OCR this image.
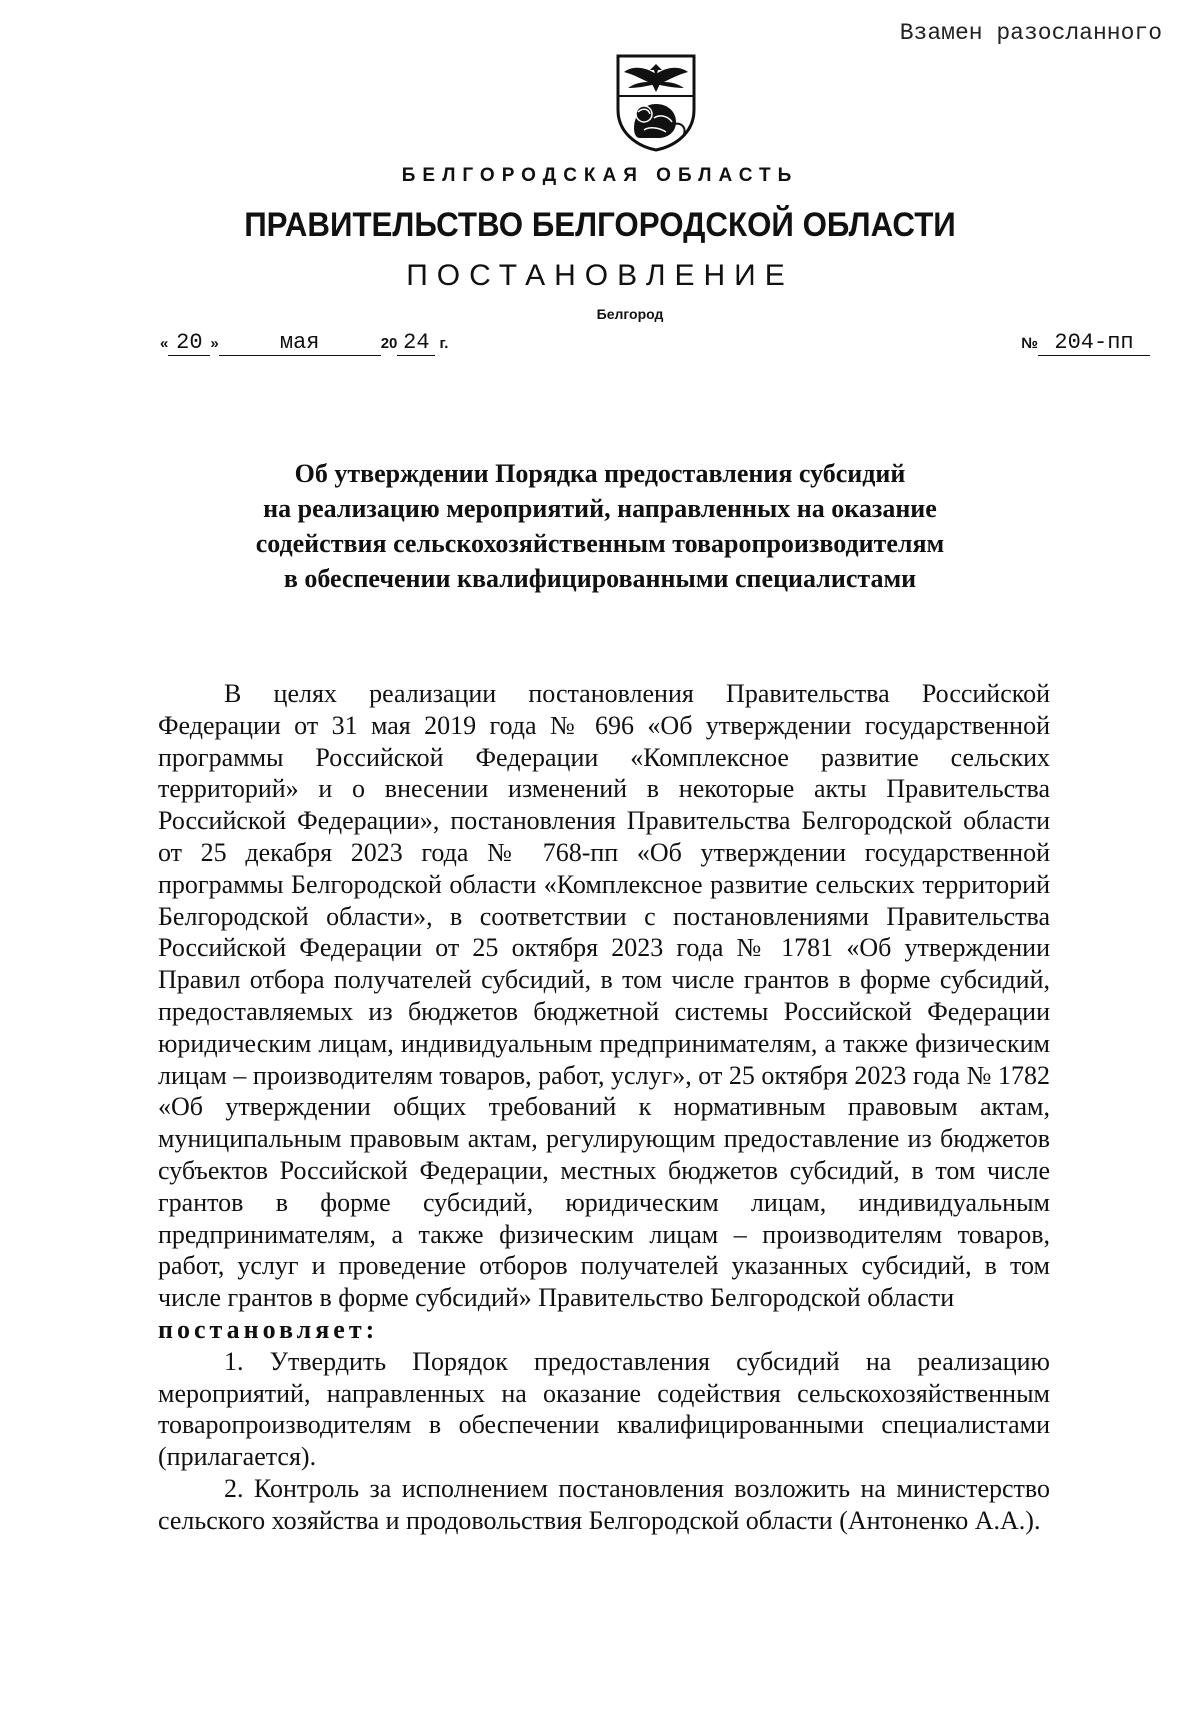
Взамен разосланного
БЕЛГОРОДСКАЯ ОБЛАСТЬ
ПРАВИТЕЛЬСТВО БЕЛГОРОДСКОЙ ОБЛАСТИ
ПОСТАНОВЛЕНИЕ
Белгород
« 20 »	мая	20 24 г.	№ 204-пп
Об утверждении Порядка предоставления субсидий
на реализацию мероприятий, направленных на оказание
содействия сельскохозяйственным товаропроизводителям
в обеспечении квалифицированными специалистами

В целях реализации постановления Правительства Российской Федерации от 31 мая 2019 года № 696 «Об утверждении государственной программы Российской Федерации «Комплексное развитие сельских территорий» и о внесении изменений в некоторые акты Правительства Российской Федерации», постановления Правительства Белгородской области от 25 декабря 2023 года № 768-пп «Об утверждении государственной программы Белгородской области «Комплексное развитие сельских территорий Белгородской области», в соответствии с постановлениями Правительства Российской Федерации от 25 октября 2023 года № 1781 «Об утверждении Правил отбора получателей субсидий, в том числе грантов в форме субсидий, предоставляемых из бюджетов бюджетной системы Российской Федерации юридическим лицам, индивидуальным предпринимателям, а также физическим лицам – производителям товаров, работ, услуг», от 25 октября 2023 года № 1782 «Об утверждении общих требований к нормативным правовым актам, муниципальным правовым актам, регулирующим предоставление из бюджетов субъектов Российской Федерации, местных бюджетов субсидий, в том числе грантов в форме субсидий, юридическим лицам, индивидуальным предпринимателям, а также физическим лицам – производителям товаров, работ, услуг и проведение отборов получателей указанных субсидий, в том числе грантов в форме субсидий» Правительство Белгородской области

постановляет:

1. Утвердить Порядок предоставления субсидий на реализацию мероприятий, направленных на оказание содействия сельскохозяйственным товаропроизводителям в обеспечении квалифицированными специалистами (прилагается).

2. Контроль за исполнением постановления возложить на министерство сельского хозяйства и продовольствия Белгородской области (Антоненко А.А.).
